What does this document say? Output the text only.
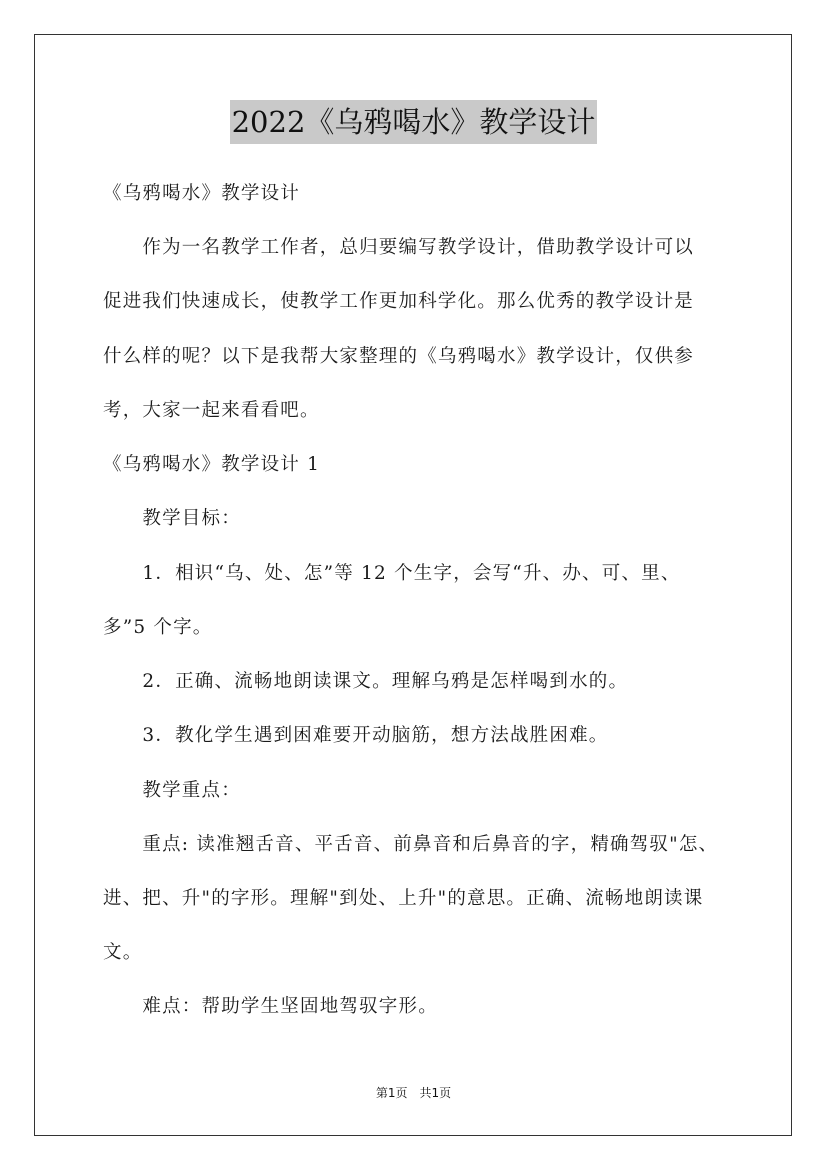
2022《乌鸦喝水》教学设计
《乌鸦喝水》教学设计
　　作为一名教学工作者，总归要编写教学设计，借助教学设计可以
促进我们快速成长，使教学工作更加科学化。那么优秀的教学设计是
什么样的呢？以下是我帮大家整理的《乌鸦喝水》教学设计，仅供参
考，大家一起来看看吧。
《乌鸦喝水》教学设计 1
　　教学目标：
　　1．相识“乌、处、怎”等 12 个生字，会写“升、办、可、里、
多”5 个字。
　　2．正确、流畅地朗读课文。理解乌鸦是怎样喝到水的。
　　3．教化学生遇到困难要开动脑筋，想方法战胜困难。
　　教学重点：
　　重点: 读准翘舌音、平舌音、前鼻音和后鼻音的字，精确驾驭"怎、
进、把、升"的字形。理解"到处、上升"的意思。正确、流畅地朗读课
文。
　　难点：帮助学生坚固地驾驭字形。
第1页　共1页
